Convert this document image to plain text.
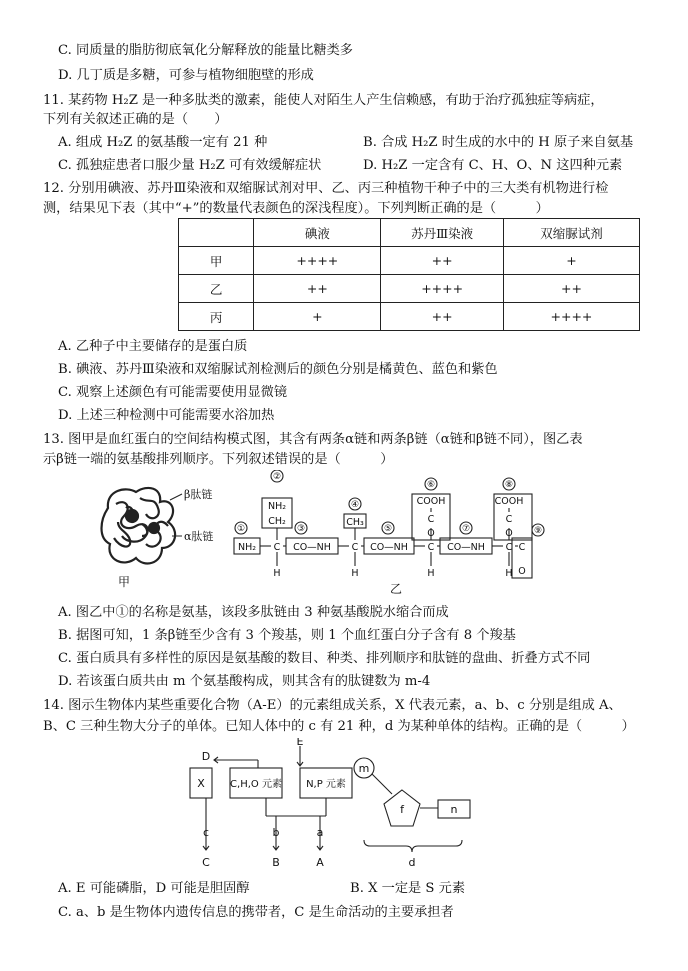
C. 同质量的脂肪彻底氧化分解释放的能量比糖类多
D. 几丁质是多糖，可参与植物细胞壁的形成
11. 某药物 H₂Z 是一种多肽类的激素，能使人对陌生人产生信赖感，有助于治疗孤独症等病症，
下列有关叙述正确的是（　　）
A. 组成 H₂Z 的氨基酸一定有 21 种	B. 合成 H₂Z 时生成的水中的 H 原子来自氨基
C. 孤独症患者口服少量 H₂Z 可有效缓解症状	D. H₂Z 一定含有 C、H、O、N 这四种元素
12. 分别用碘液、苏丹Ⅲ染液和双缩脲试剂对甲、乙、丙三种植物干种子中的三大类有机物进行检
测，结果见下表（其中“+”的数量代表颜色的深浅程度）。下列判断正确的是（　　　）
	碘液	苏丹Ⅲ染液	双缩脲试剂
甲	++++	++	+
乙	++	++++	++
丙	+	++	++++
A. 乙种子中主要储存的是蛋白质
B. 碘液、苏丹Ⅲ染液和双缩脲试剂检测后的颜色分别是橘黄色、蓝色和紫色
C. 观察上述颜色有可能需要使用显微镜
D. 上述三种检测中可能需要水浴加热
13. 图甲是血红蛋白的空间结构模式图，其含有两条α链和两条β链（α链和β链不同），图乙表
示β链一端的氨基酸排列顺序。下列叙述错误的是（　　　）
β肽链
α肽链
甲
①
②
③
④
⑤
⑥
⑦
⑧
⑨
NH₂
NH₂
CH₂
C
H
CO—NH
CH₃
C
H
CO—NH
COOH
C
O
C
H
CO—NH
COOH
C
O
C
H
C
O
乙
A. 图乙中①的名称是氨基，该段多肽链由 3 种氨基酸脱水缩合而成
B. 据图可知，1 条β链至少含有 3 个羧基，则 1 个血红蛋白分子含有 8 个羧基
C. 蛋白质具有多样性的原因是氨基酸的数目、种类、排列顺序和肽链的盘曲、折叠方式不同
D. 若该蛋白质共由 m 个氨基酸构成，则其含有的肽键数为 m-4
14. 图示生物体内某些重要化合物（A-E）的元素组成关系，X 代表元素，a、b、c 分别是组成 A、
B、C 三种生物大分子的单体。已知人体中的 c 有 21 种，d 为某种单体的结构。正确的是（　　　）
D
E
X	C,H,O 元素 N,P 元素
c
C
b
B
a
A
m
f	n
d
A. E 可能磷脂，D 可能是胆固醇	B. X 一定是 S 元素
C. a、b 是生物体内遗传信息的携带者，C 是生命活动的主要承担者
